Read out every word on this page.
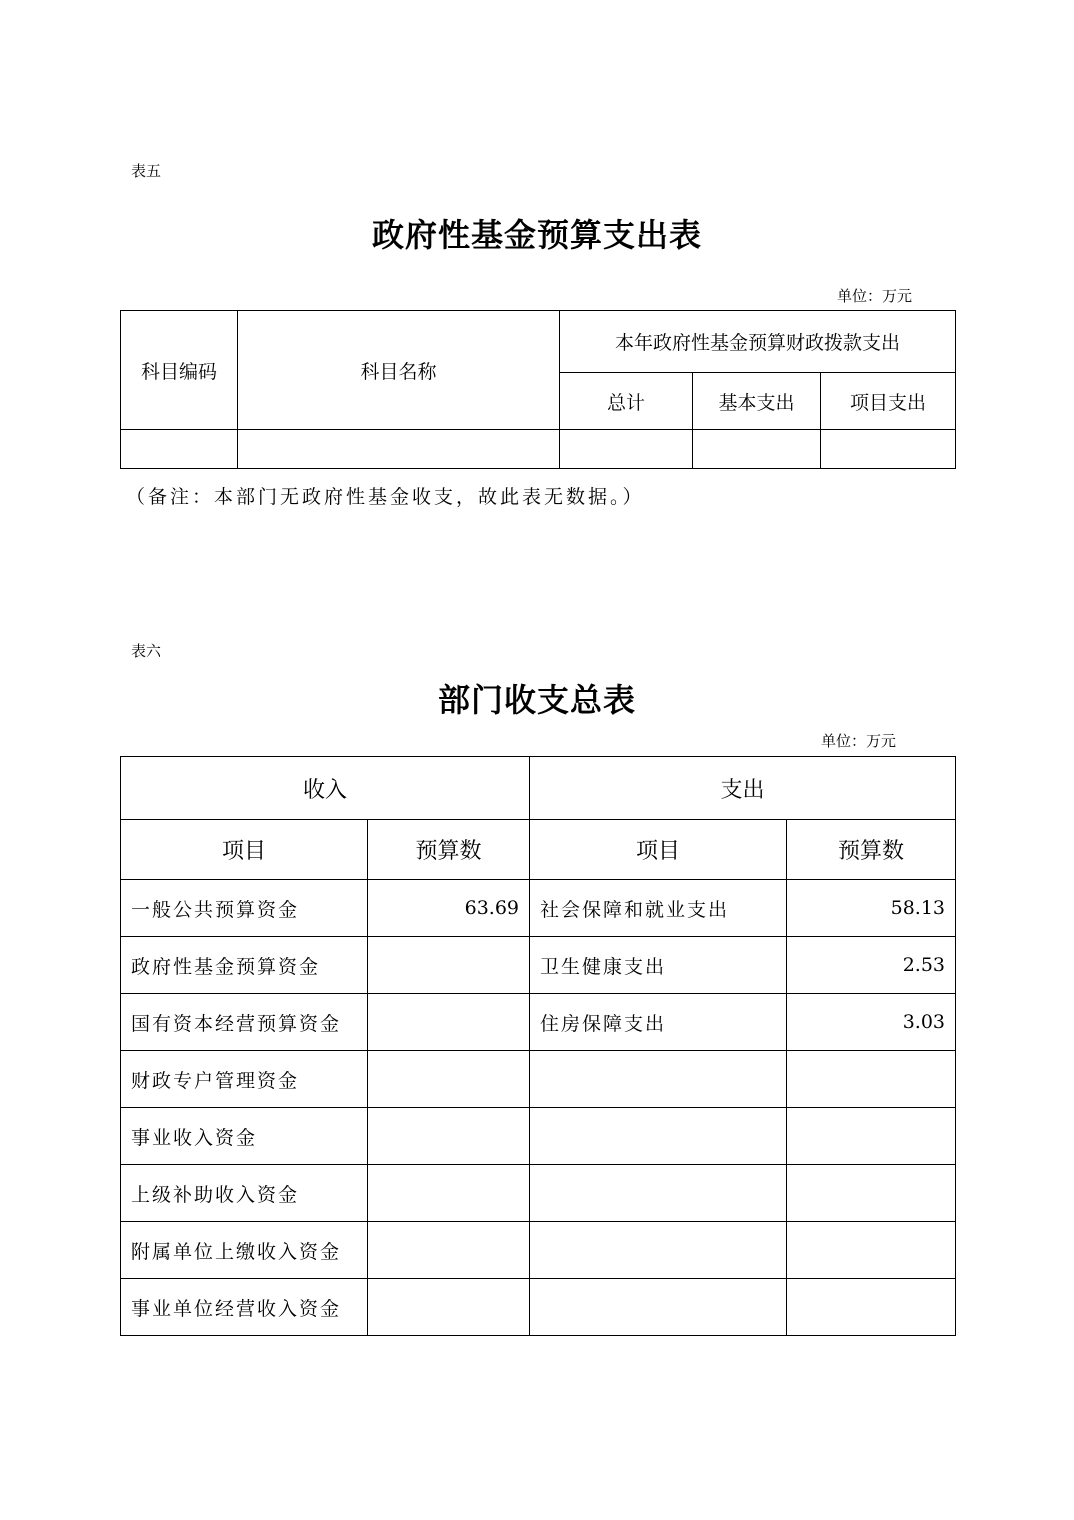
表五
政府性基金预算支出表
单位：万元
科目编码	科目名称	本年政府性基金预算财政拨款支出		
		总计	基本支出	项目支出

（备注：本部门无政府性基金收支，故此表无数据。）
表六
部门收支总表
单位：万元
收入		支出	
项目	预算数	项目	预算数
一般公共预算资金	63.69	社会保障和就业支出	58.13
政府性基金预算资金		卫生健康支出	2.53
国有资本经营预算资金		住房保障支出	3.03
财政专户管理资金			
事业收入资金			
上级补助收入资金			
附属单位上缴收入资金			
事业单位经营收入资金			
